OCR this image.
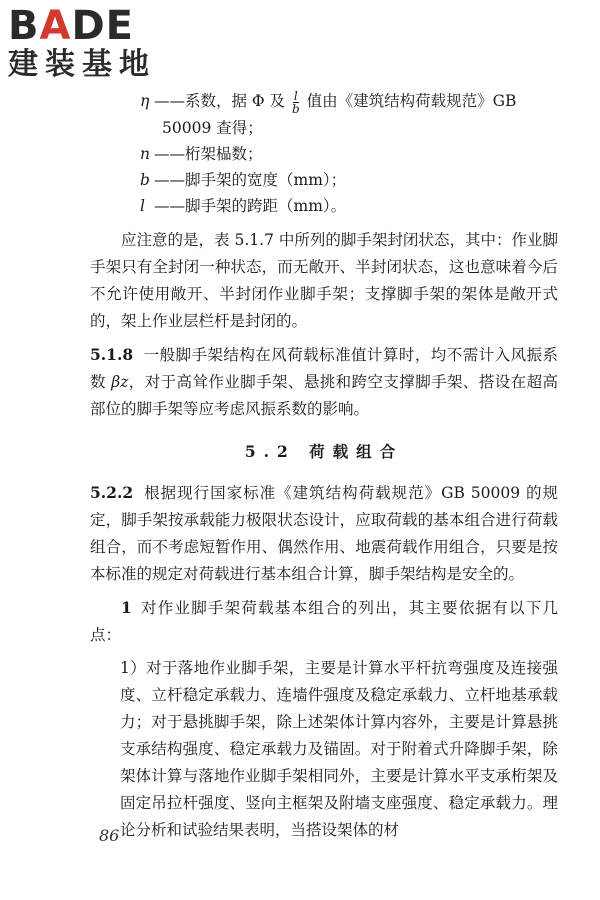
BADE
建装基地
η ——系数，据 Φ 及 $\frac{l}{b}$ 值由《建筑结构荷载规范》GB
50009 查得；
n ——桁架榀数；
b ——脚手架的宽度（mm）；
l ——脚手架的跨距（mm）。

应注意的是，表 5.1.7 中所列的脚手架封闭状态，其中：作业脚手架只有全封闭一种状态，而无敞开、半封闭状态，这也意味着今后不允许使用敞开、半封闭作业脚手架；支撑脚手架的架体是敞开式的，架上作业层栏杆是封闭的。

5.1.8 一般脚手架结构在风荷载标准值计算时，均不需计入风振系数 βz，对于高耸作业脚手架、悬挑和跨空支撑脚手架、搭设在超高部位的脚手架等应考虑风振系数的影响。

5.2 荷载组合

5.2.2 根据现行国家标准《建筑结构荷载规范》GB 50009 的规定，脚手架按承载能力极限状态设计，应取荷载的基本组合进行荷载组合，而不考虑短暂作用、偶然作用、地震荷载作用组合，只要是按本标准的规定对荷载进行基本组合计算，脚手架结构是安全的。

1 对作业脚手架荷载基本组合的列出，其主要依据有以下几点：

1）对于落地作业脚手架，主要是计算水平杆抗弯强度及连接强度、立杆稳定承载力、连墙件强度及稳定承载力、立杆地基承载力；对于悬挑脚手架，除上述架体计算内容外，主要是计算悬挑支承结构强度、稳定承载力及锚固。对于附着式升降脚手架，除架体计算与落地作业脚手架相同外，主要是计算水平支承桁架及固定吊拉杆强度、竖向主框架及附墙支座强度、稳定承载力。理论分析和试验结果表明，当搭设架体的材

86
